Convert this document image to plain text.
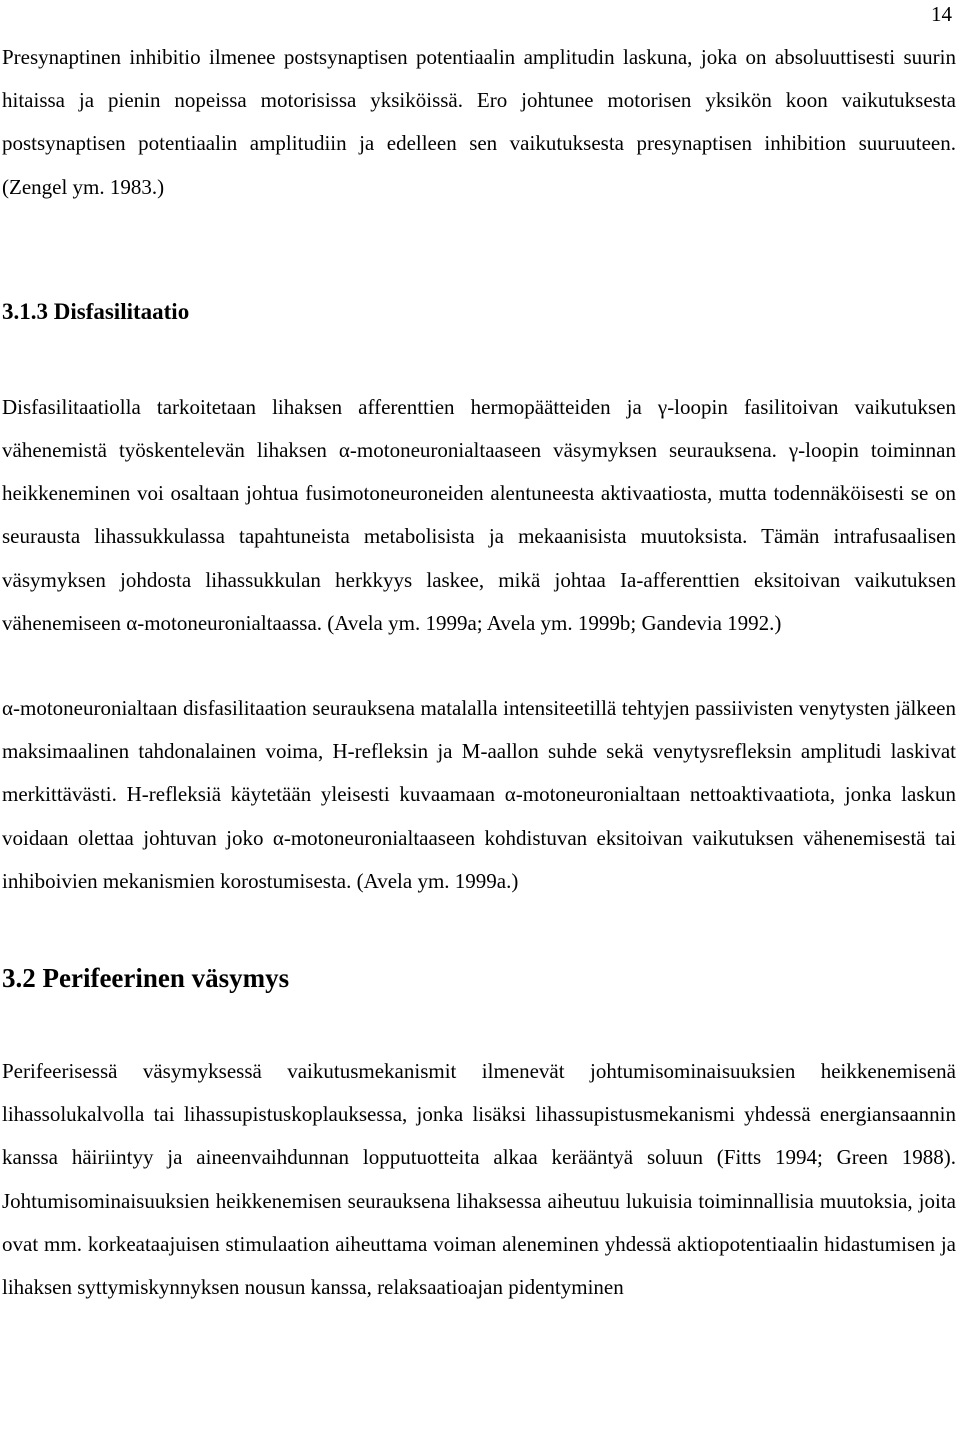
14

Presynaptinen inhibitio ilmenee postsynaptisen potentiaalin amplitudin laskuna, joka on absoluuttisesti suurin hitaissa ja pienin nopeissa motorisissa yksiköissä. Ero johtunee motorisen yksikön koon vaikutuksesta postsynaptisen potentiaalin amplitudiin ja edelleen sen vaikutuksesta presynaptisen inhibition suuruuteen. (Zengel ym. 1983.)

3.1.3 Disfasilitaatio

Disfasilitaatiolla tarkoitetaan lihaksen afferenttien hermopäätteiden ja γ-loopin fasilitoivan vaikutuksen vähenemistä työskentelevän lihaksen α-motoneuronialtaaseen väsymyksen seurauksena. γ-loopin toiminnan heikkeneminen voi osaltaan johtua fusimotoneuroneiden alentuneesta aktivaatiosta, mutta todennäköisesti se on seurausta lihassukkulassa tapahtuneista metabolisista ja mekaanisista muutoksista. Tämän intrafusaalisen väsymyksen johdosta lihassukkulan herkkyys laskee, mikä johtaa Ia-afferenttien eksitoivan vaikutuksen vähenemiseen α-motoneuronialtaassa. (Avela ym. 1999a; Avela ym. 1999b; Gandevia 1992.)

α-motoneuronialtaan disfasilitaation seurauksena matalalla intensiteetillä tehtyjen passiivisten venytysten jälkeen maksimaalinen tahdonalainen voima, H-refleksin ja M-aallon suhde sekä venytysrefleksin amplitudi laskivat merkittävästi. H-refleksiä käytetään yleisesti kuvaamaan α-motoneuronialtaan nettoaktivaatiota, jonka laskun voidaan olettaa johtuvan joko α-motoneuronialtaaseen kohdistuvan eksitoivan vaikutuksen vähenemisestä tai inhiboivien mekanismien korostumisesta. (Avela ym. 1999a.)

3.2 Perifeerinen väsymys

Perifeerisessä väsymyksessä vaikutusmekanismit ilmenevät johtumisominaisuuksien heikkenemisenä lihassolukalvolla tai lihassupistuskoplauksessa, jonka lisäksi lihassupistusmekanismi yhdessä energiansaannin kanssa häiriintyy ja aineenvaihdunnan lopputuotteita alkaa kerääntyä soluun (Fitts 1994; Green 1988). Johtumisominaisuuksien heikkenemisen seurauksena lihaksessa aiheutuu lukuisia toiminnallisia muutoksia, joita ovat mm. korkeataajuisen stimulaation aiheuttama voiman aleneminen yhdessä aktiopotentiaalin hidastumisen ja lihaksen syttymiskynnyksen nousun kanssa, relaksaatioajan pidentyminen
